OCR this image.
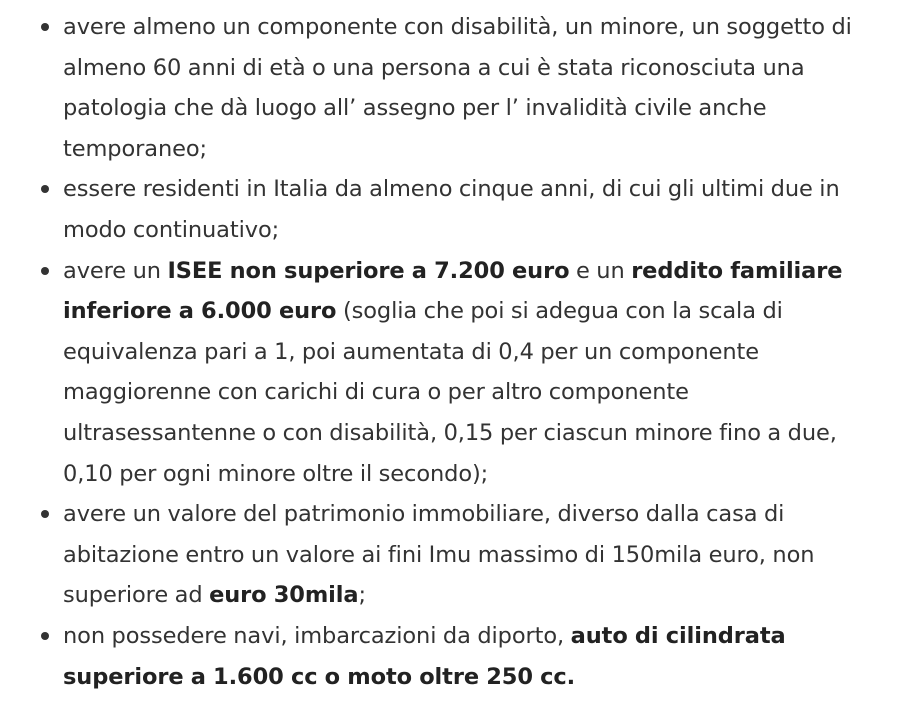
avere almeno un componente con disabilità, un minore, un soggetto di almeno 60 anni di età o una persona a cui è stata riconosciuta una patologia che dà luogo all’ assegno per l’ invalidità civile anche temporaneo;
essere residenti in Italia da almeno cinque anni, di cui gli ultimi due in modo continuativo;
avere un ISEE non superiore a 7.200 euro e un reddito familiare inferiore a 6.000 euro (soglia che poi si adegua con la scala di equivalenza pari a 1, poi aumentata di 0,4 per un componente maggiorenne con carichi di cura o per altro componente ultrasessantenne o con disabilità, 0,15 per ciascun minore fino a due, 0,10 per ogni minore oltre il secondo);
avere un valore del patrimonio immobiliare, diverso dalla casa di abitazione entro un valore ai fini Imu massimo di 150mila euro, non superiore ad euro 30mila;
non possedere navi, imbarcazioni da diporto, auto di cilindrata superiore a 1.600 cc o moto oltre 250 cc.
